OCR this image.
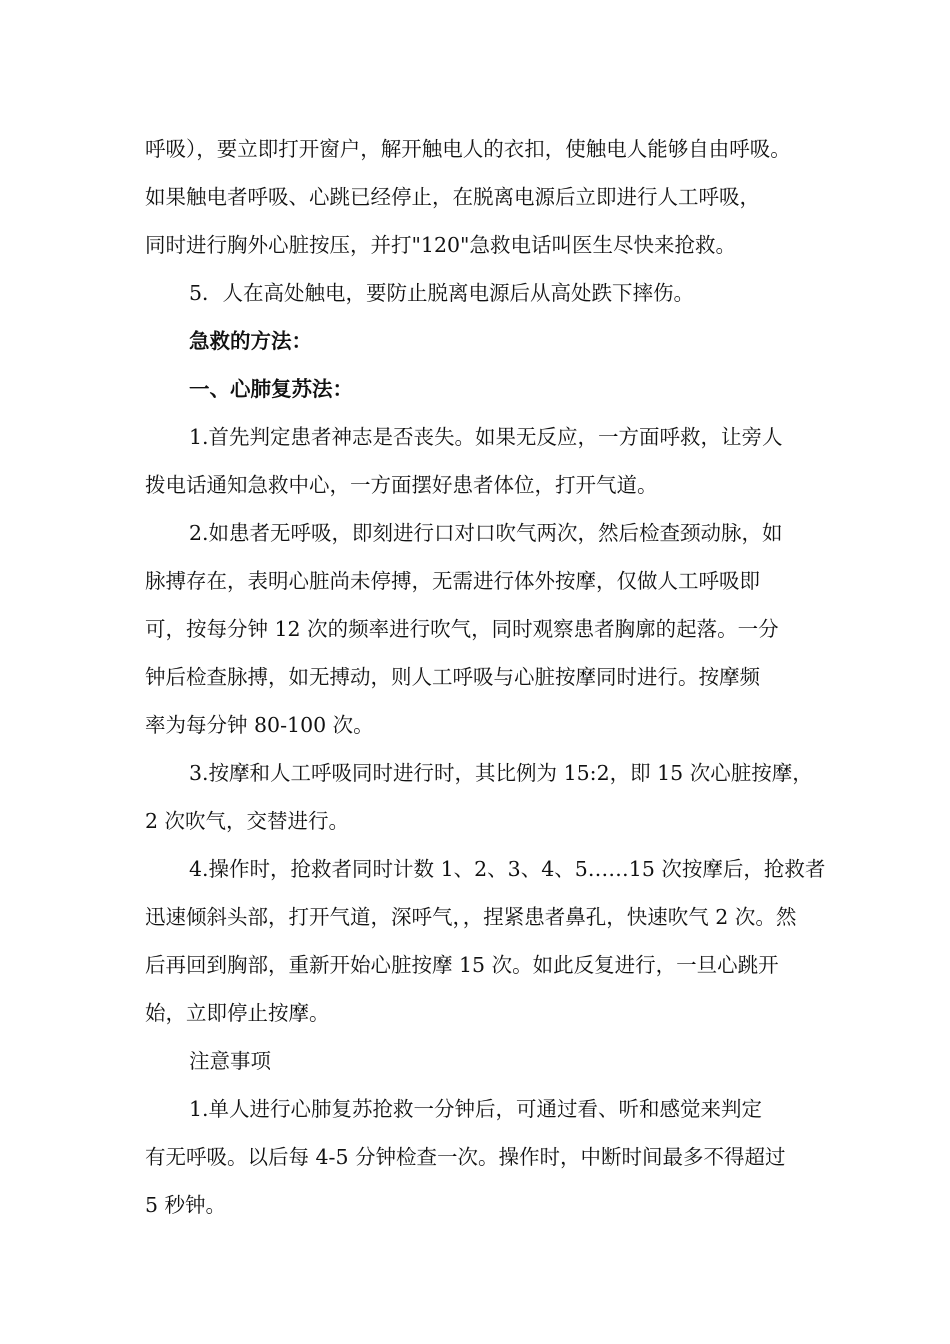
呼吸），要立即打开窗户，解开触电人的衣扣，使触电人能够自由呼吸。
如果触电者呼吸、心跳已经停止，在脱离电源后立即进行人工呼吸，
同时进行胸外心脏按压，并打"120"急救电话叫医生尽快来抢救。
5．人在高处触电，要防止脱离电源后从高处跌下摔伤。
急救的方法：
一、心肺复苏法：
1.首先判定患者神志是否丧失。如果无反应，一方面呼救，让旁人
拨电话通知急救中心，一方面摆好患者体位，打开气道。
2.如患者无呼吸，即刻进行口对口吹气两次，然后检查颈动脉，如
脉搏存在，表明心脏尚未停搏，无需进行体外按摩，仅做人工呼吸即
可，按每分钟 12 次的频率进行吹气，同时观察患者胸廓的起落。一分
钟后检查脉搏，如无搏动，则人工呼吸与心脏按摩同时进行。按摩频
率为每分钟 80-100 次。
3.按摩和人工呼吸同时进行时，其比例为 15:2，即 15 次心脏按摩，
2 次吹气，交替进行。
4.操作时，抢救者同时计数 1、2、3、4、5……15 次按摩后，抢救者
迅速倾斜头部，打开气道，深呼气，，捏紧患者鼻孔，快速吹气 2 次。然
后再回到胸部，重新开始心脏按摩 15 次。如此反复进行，一旦心跳开
始，立即停止按摩。
注意事项
1.单人进行心肺复苏抢救一分钟后，可通过看、听和感觉来判定
有无呼吸。以后每 4-5 分钟检查一次。操作时，中断时间最多不得超过
5 秒钟。
